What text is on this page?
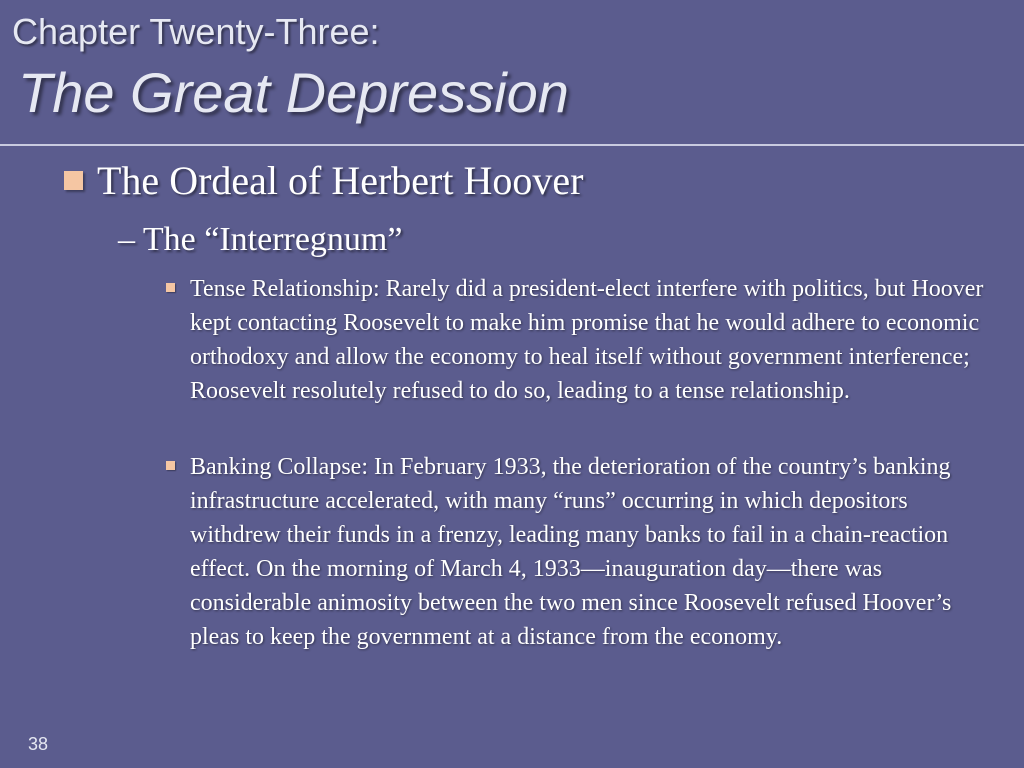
Chapter Twenty-Three:
The Great Depression
The Ordeal of Herbert Hoover
– The “Interregnum”
Tense Relationship: Rarely did a president-elect interfere with politics, but Hoover kept contacting Roosevelt to make him promise that he would adhere to economic orthodoxy and allow the economy to heal itself without government interference; Roosevelt resolutely refused to do so, leading to a tense relationship.
Banking Collapse: In February 1933, the deterioration of the country’s banking infrastructure accelerated, with many “runs” occurring in which depositors withdrew their funds in a frenzy, leading many banks to fail in a chain-reaction effect. On the morning of March 4, 1933—inauguration day—there was considerable animosity between the two men since Roosevelt refused Hoover’s pleas to keep the government at a distance from the economy.
38
